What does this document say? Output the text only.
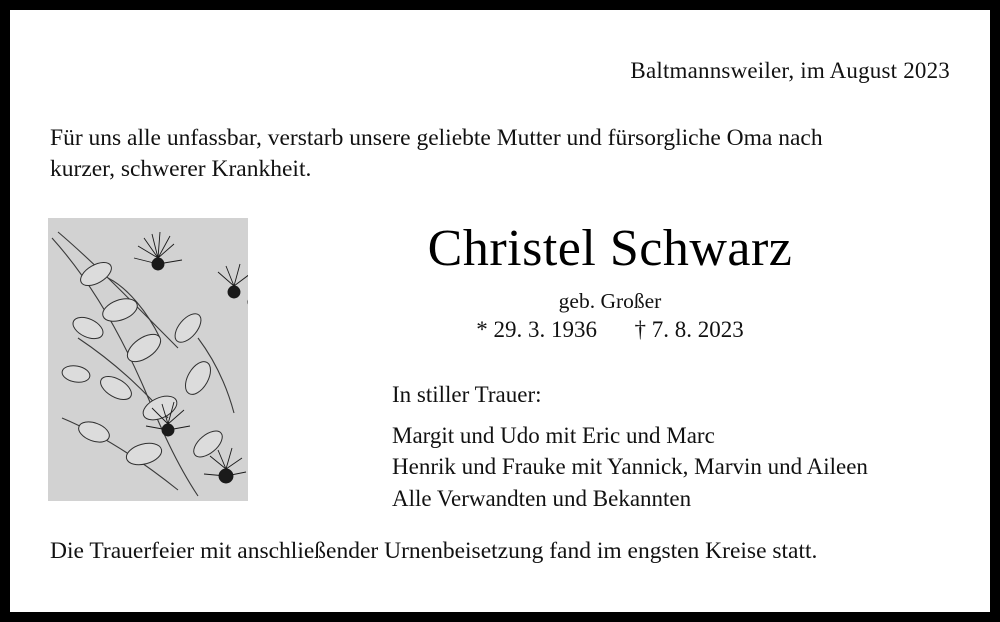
Baltmannsweiler, im August 2023
Für uns alle unfassbar, verstarb unsere geliebte Mutter und fürsorgliche Oma nach
kurzer, schwerer Krankheit.
Christel Schwarz
geb. Großer
* 29. 3. 1936 † 7. 8. 2023
In stiller Trauer:
Margit und Udo mit Eric und Marc
Henrik und Frauke mit Yannick, Marvin und Aileen
Alle Verwandten und Bekannten
Die Trauerfeier mit anschließender Urnenbeisetzung fand im engsten Kreise statt.
